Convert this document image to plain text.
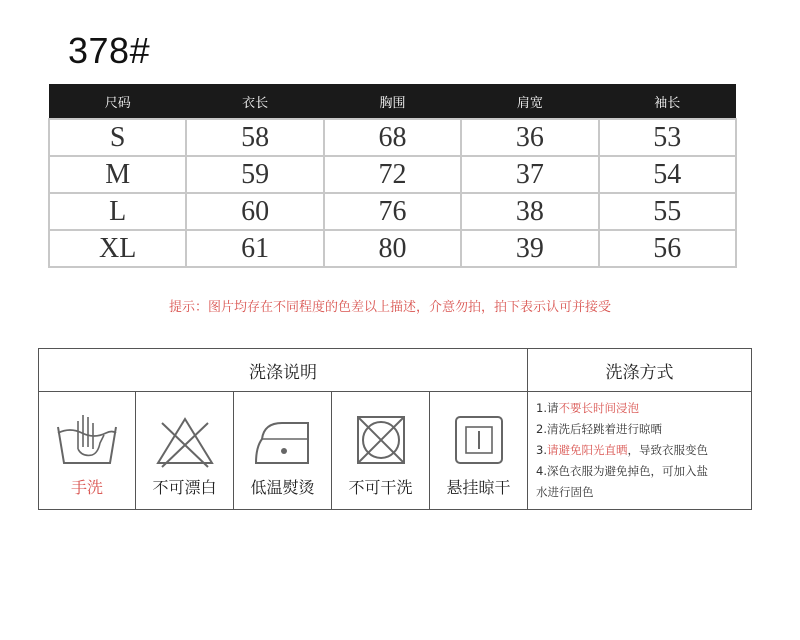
378#
尺码	衣长	胸围	肩宽	袖长
S	58	68	36	53
M	59	72	37	54
L	60	76	38	55
XL	61	80	39	56
提示：图片均存在不同程度的色差以上描述，介意勿拍，拍下表示认可并接受
洗涤说明					洗涤方式

手洗	不可漂白	低温熨烫	不可干洗	悬挂晾干	1.请不要长时间浸泡
2.清洗后轻跳着进行晾晒
3.请避免阳光直晒，导致衣服变色
4.深色衣服为避免掉色，可加入盐
水进行固色
